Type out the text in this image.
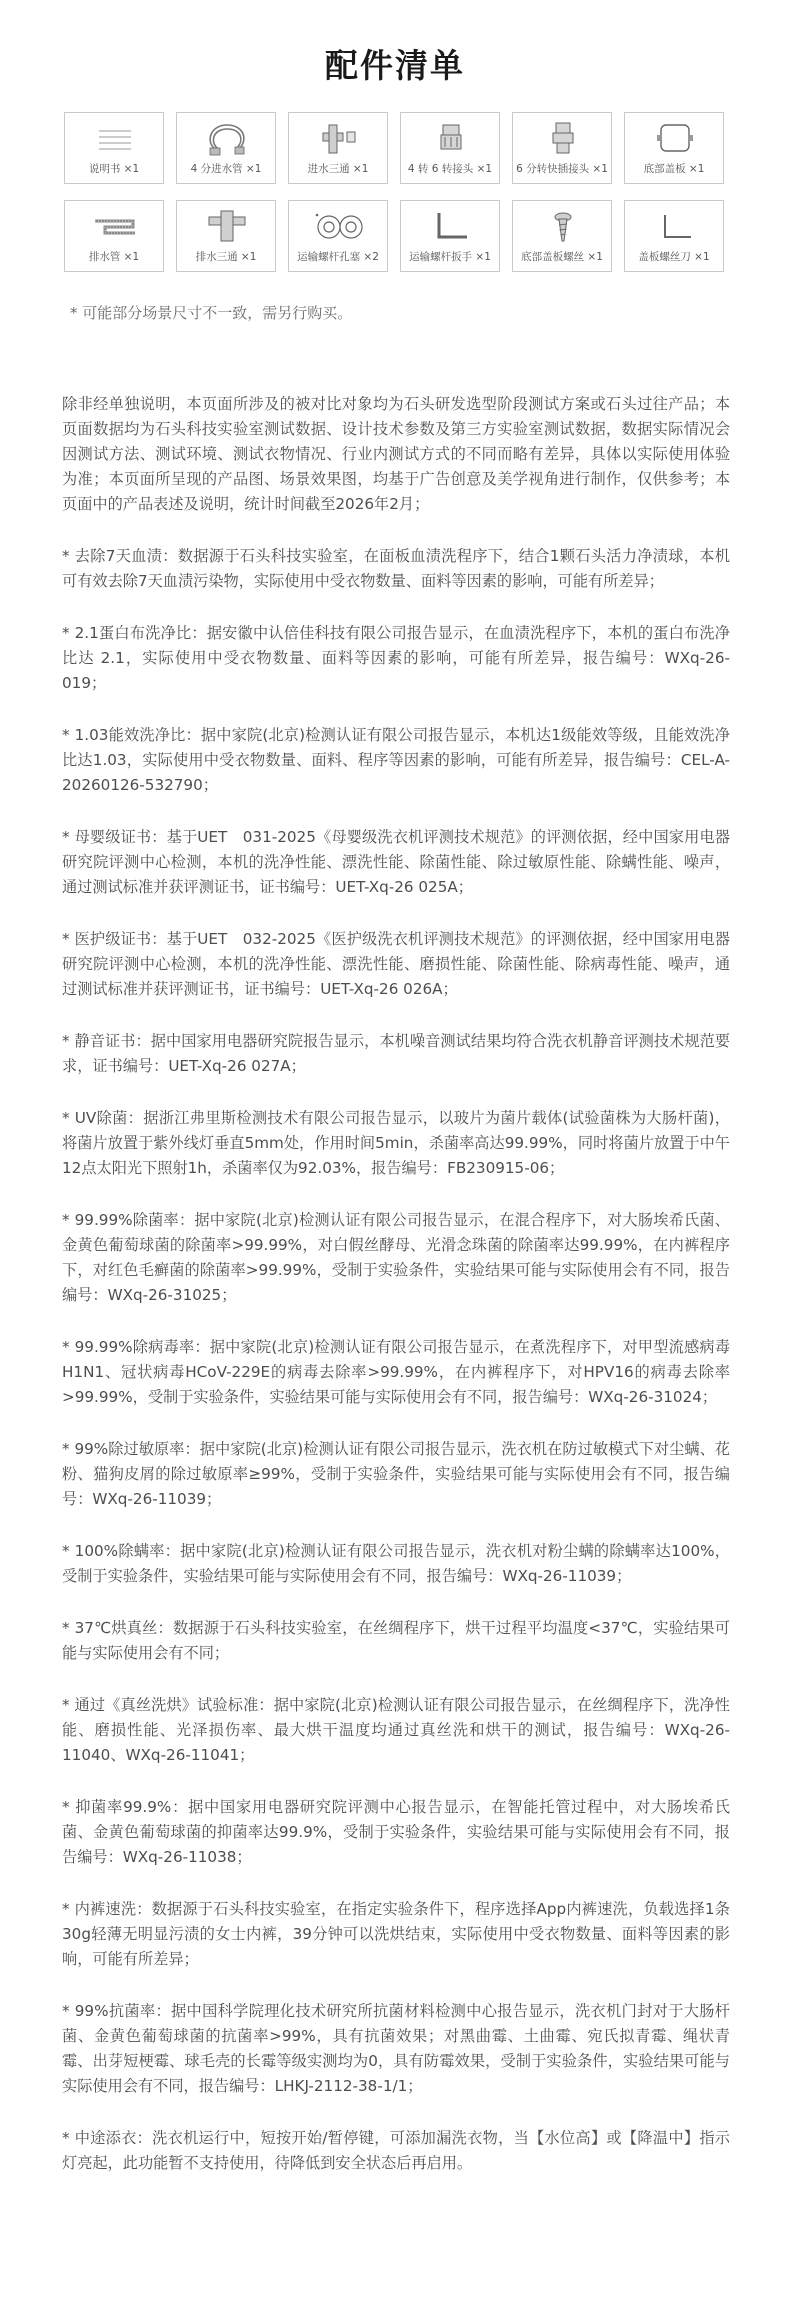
配件清单
说明书 ×1	4 分进水管 ×1	进水三通 ×1	4 转 6 转接头 ×1	6 分转快插接头 ×1	底部盖板 ×1
排水管 ×1	排水三通 ×1	运输螺杆孔塞 ×2	运输螺杆扳手 ×1	底部盖板螺丝 ×1	盖板螺丝刀 ×1
* 可能部分场景尺寸不一致，需另行购买。

除非经单独说明，本页面所涉及的被对比对象均为石头研发选型阶段测试方案或石头过往产品；本页面数据均为石头科技实验室测试数据、设计技术参数及第三方实验室测试数据，数据实际情况会因测试方法、测试环境、测试衣物情况、行业内测试方式的不同而略有差异，具体以实际使用体验为准；本页面所呈现的产品图、场景效果图，均基于广告创意及美学视角进行制作，仅供参考；本页面中的产品表述及说明，统计时间截至2026年2月；

* 去除7天血渍：数据源于石头科技实验室，在面板血渍洗程序下，结合1颗石头活力净渍球，本机可有效去除7天血渍污染物，实际使用中受衣物数量、面料等因素的影响，可能有所差异；

* 2.1蛋白布洗净比：据安徽中认倍佳科技有限公司报告显示，在血渍洗程序下，本机的蛋白布洗净比达 2.1，实际使用中受衣物数量、面料等因素的影响，可能有所差异，报告编号：WXq-26-019；

* 1.03能效洗净比：据中家院(北京)检测认证有限公司报告显示，本机达1级能效等级，且能效洗净比达1.03，实际使用中受衣物数量、面料、程序等因素的影响，可能有所差异，报告编号：CEL-A-20260126-532790；

* 母婴级证书：基于UET　031-2025《母婴级洗衣机评测技术规范》的评测依据，经中国家用电器研究院评测中心检测，本机的洗净性能、漂洗性能、除菌性能、除过敏原性能、除螨性能、噪声，通过测试标准并获评测证书，证书编号：UET-Xq-26 025A；

* 医护级证书：基于UET　032-2025《医护级洗衣机评测技术规范》的评测依据，经中国家用电器研究院评测中心检测，本机的洗净性能、漂洗性能、磨损性能、除菌性能、除病毒性能、噪声，通过测试标准并获评测证书，证书编号：UET-Xq-26 026A；

* 静音证书：据中国家用电器研究院报告显示，本机噪音测试结果均符合洗衣机静音评测技术规范要求，证书编号：UET-Xq-26 027A；

* UV除菌：据浙江弗里斯检测技术有限公司报告显示，以玻片为菌片载体(试验菌株为大肠杆菌)，将菌片放置于紫外线灯垂直5mm处，作用时间5min，杀菌率高达99.99%，同时将菌片放置于中午12点太阳光下照射1h，杀菌率仅为92.03%，报告编号：FB230915-06；

* 99.99%除菌率：据中家院(北京)检测认证有限公司报告显示，在混合程序下，对大肠埃希氏菌、金黄色葡萄球菌的除菌率>99.99%，对白假丝酵母、光滑念珠菌的除菌率达99.99%，在内裤程序下，对红色毛癣菌的除菌率>99.99%，受制于实验条件，实验结果可能与实际使用会有不同，报告编号：WXq-26-31025；

* 99.99%除病毒率：据中家院(北京)检测认证有限公司报告显示，在煮洗程序下，对甲型流感病毒H1N1、冠状病毒HCoV-229E的病毒去除率>99.99%，在内裤程序下，对HPV16的病毒去除率>99.99%，受制于实验条件，实验结果可能与实际使用会有不同，报告编号：WXq-26-31024；

* 99%除过敏原率：据中家院(北京)检测认证有限公司报告显示，洗衣机在防过敏模式下对尘螨、花粉、猫狗皮屑的除过敏原率≥99%，受制于实验条件，实验结果可能与实际使用会有不同，报告编号：WXq-26-11039；

* 100%除螨率：据中家院(北京)检测认证有限公司报告显示，洗衣机对粉尘螨的除螨率达100%，受制于实验条件，实验结果可能与实际使用会有不同，报告编号：WXq-26-11039；

* 37℃烘真丝：数据源于石头科技实验室，在丝绸程序下，烘干过程平均温度<37℃，实验结果可能与实际使用会有不同；

* 通过《真丝洗烘》试验标准：据中家院(北京)检测认证有限公司报告显示，在丝绸程序下，洗净性能、磨损性能、光泽损伤率、最大烘干温度均通过真丝洗和烘干的测试，报告编号：WXq-26-11040、WXq-26-11041；

* 抑菌率99.9%：据中国家用电器研究院评测中心报告显示，在智能托管过程中，对大肠埃希氏菌、金黄色葡萄球菌的抑菌率达99.9%，受制于实验条件，实验结果可能与实际使用会有不同，报告编号：WXq-26-11038；

* 内裤速洗：数据源于石头科技实验室，在指定实验条件下，程序选择App内裤速洗，负载选择1条30g轻薄无明显污渍的女士内裤，39分钟可以洗烘结束，实际使用中受衣物数量、面料等因素的影响，可能有所差异；

* 99%抗菌率：据中国科学院理化技术研究所抗菌材料检测中心报告显示，洗衣机门封对于大肠杆菌、金黄色葡萄球菌的抗菌率>99%，具有抗菌效果；对黑曲霉、土曲霉、宛氏拟青霉、绳状青霉、出芽短梗霉、球毛壳的长霉等级实测均为0，具有防霉效果，受制于实验条件，实验结果可能与实际使用会有不同，报告编号：LHKJ-2112-38-1/1；

* 中途添衣：洗衣机运行中，短按开始/暂停键，可添加漏洗衣物，当【水位高】或【降温中】指示灯亮起，此功能暂不支持使用，待降低到安全状态后再启用。
